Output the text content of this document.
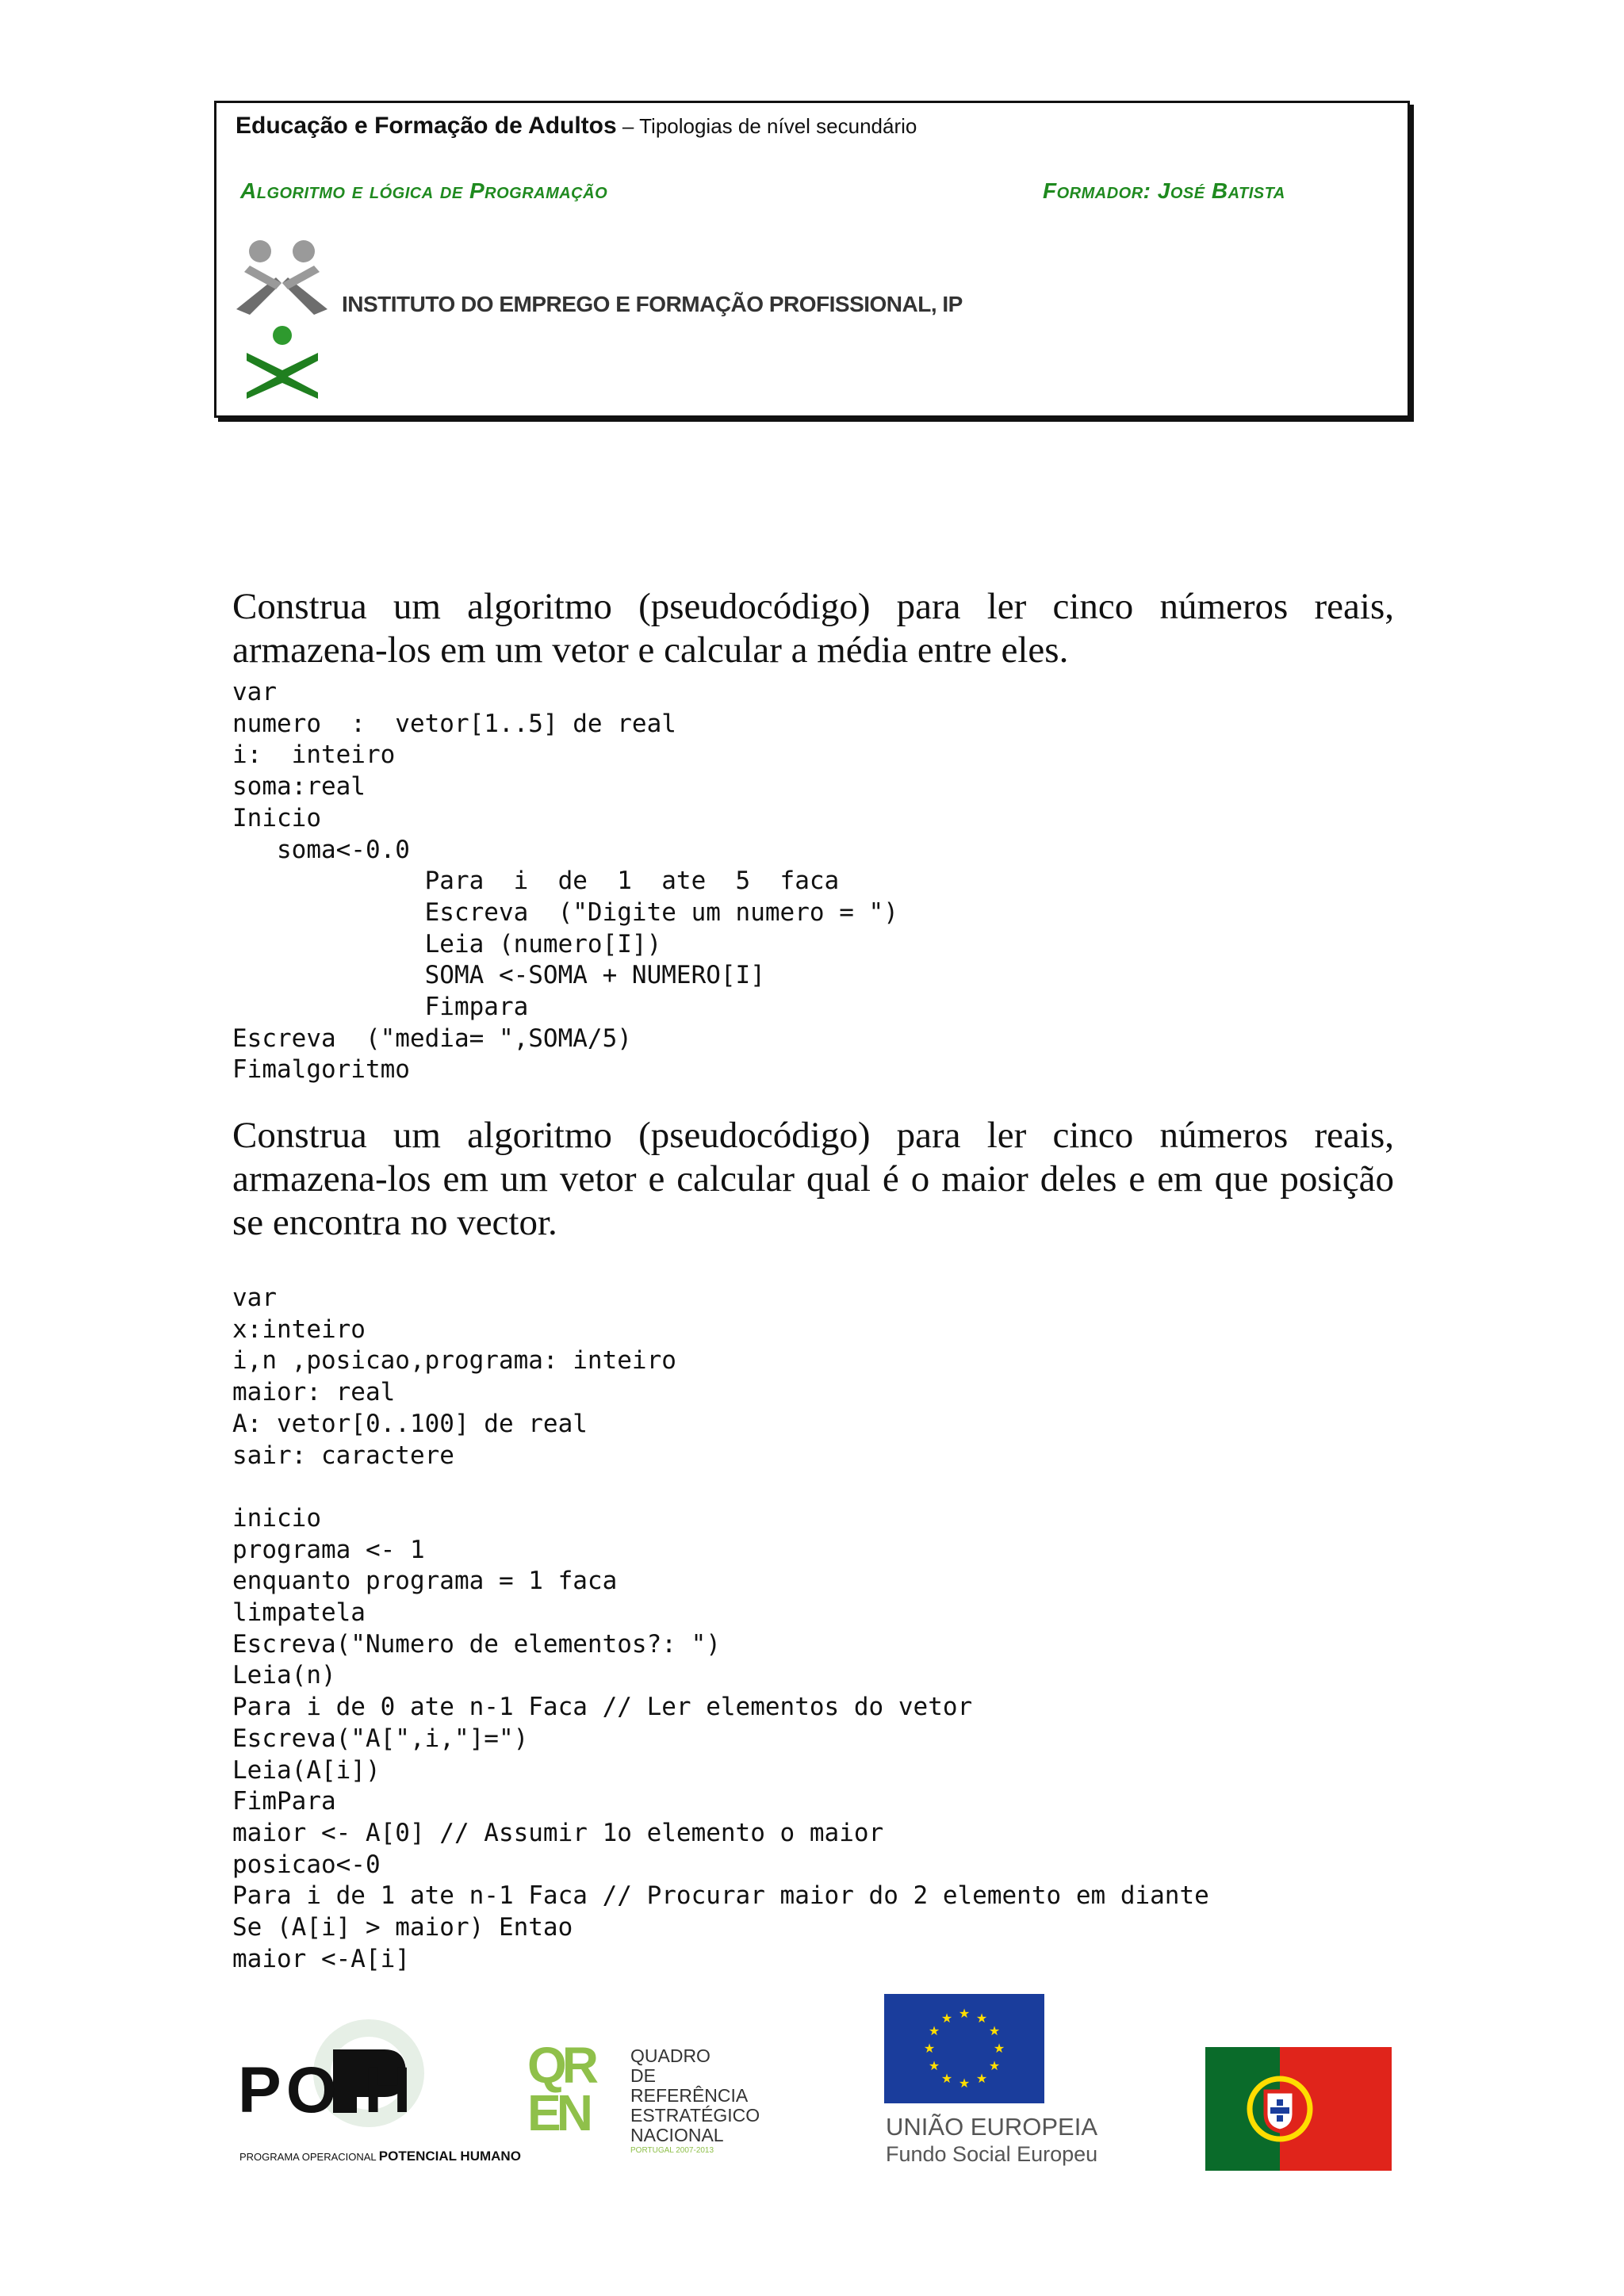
Educação e Formação de Adultos – Tipologias de nível secundário
Algoritmo e lógica de Programação	Formador: José Batista
INSTITUTO DO EMPREGO E FORMAÇÃO PROFISSIONAL, IP

Construa um algoritmo (pseudocódigo) para ler cinco números reais, armazena-los em um vetor e calcular a média entre eles.

var
numero  :  vetor[1..5] de real
i:  inteiro
soma:real
Inicio
soma<-0.0
Para  i  de  1  ate  5  faca
Escreva  ("Digite um numero = ")
Leia (numero[I])
SOMA <-SOMA + NUMERO[I]
Fimpara
Escreva  ("media= ",SOMA/5)
Fimalgoritmo

Construa um algoritmo (pseudocódigo) para ler cinco números reais, armazena-los em um vetor e calcular qual é o maior deles e em que posição se encontra no vector.

var
x:inteiro
i,n ,posicao,programa: inteiro
maior: real
A: vetor[0..100] de real
sair: caractere

inicio
programa <- 1
enquanto programa = 1 faca
limpatela
Escreva("Numero de elementos?: ")
Leia(n)
Para i de 0 ate n-1 Faca // Ler elementos do vetor
Escreva("A[",i,"]=")
Leia(A[i])
FimPara
maior <- A[0] // Assumir 1o elemento o maior
posicao<-0
Para i de 1 ate n-1 Faca // Procurar maior do 2 elemento em diante
Se (A[i] > maior) Entao
maior <-A[i]
PO H
PROGRAMA OPERACIONAL POTENCIAL HUMANO
QREN
QUADRO
DE REFERÊNCIA
ESTRATÉGICO
NACIONAL
PORTUGAL 2007-2013
★ ★
★
★
★
★
★
★
★
★
★
★
UNIÃO EUROPEIA
Fundo Social Europeu
